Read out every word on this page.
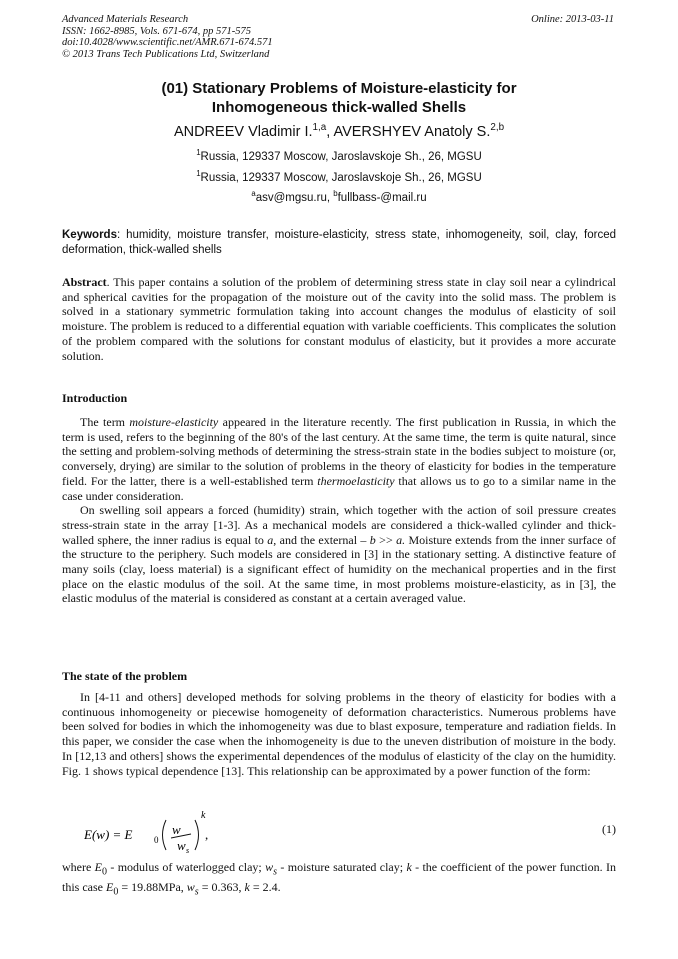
Advanced Materials Research
ISSN: 1662-8985, Vols. 671-674, pp 571-575
doi:10.4028/www.scientific.net/AMR.671-674.571
© 2013 Trans Tech Publications Ltd, Switzerland
Online: 2013-03-11
(01) Stationary Problems of Moisture-elasticity for
Inhomogeneous thick-walled Shells
ANDREEV Vladimir I.$^{1,a}$, AVERSHYEV Anatoly S.$^{2,b}$
$^1$Russia, 129337 Moscow, Jaroslavskoje Sh., 26, MGSU
$^1$Russia, 129337 Moscow, Jaroslavskoje Sh., 26, MGSU
$^a$asv@mgsu.ru, $^b$fullbass-@mail.ru
Keywords: humidity, moisture transfer, moisture-elasticity, stress state, inhomogeneity, soil, clay, forced deformation, thick-walled shells
Abstract. This paper contains a solution of the problem of determining stress state in clay soil near a cylindrical and spherical cavities for the propagation of the moisture out of the cavity into the solid mass. The problem is solved in a stationary symmetric formulation taking into account changes the modulus of elasticity of soil moisture. The problem is reduced to a differential equation with variable coefficients. This complicates the solution of the problem compared with the solutions for constant modulus of elasticity, but it provides a more accurate solution.
Introduction

The term moisture-elasticity appeared in the literature recently. The first publication in Russia, in which the term is used, refers to the beginning of the 80's of the last century. At the same time, the term is quite natural, since the setting and problem-solving methods of determining the stress-strain state in the bodies subject to moisture (or, conversely, drying) are similar to the solution of problems in the theory of elasticity for bodies in the temperature field. For the latter, there is a well-established term thermoelasticity that allows us to go to a similar name in the case under consideration.

On swelling soil appears a forced (humidity) strain, which together with the action of soil pressure creates stress-strain state in the array [1-3]. As a mechanical models are considered a thick-walled cylinder and thick-walled sphere, the inner radius is equal to a, and the external – b >> a. Moisture extends from the inner surface of the structure to the periphery. Such models are considered in [3] in the stationary setting. A distinctive feature of many soils (clay, loess material) is a significant effect of humidity on the mechanical properties and in the first place on the elastic modulus of the soil. At the same time, in most problems moisture-elasticity, as in [3], the elastic modulus of the material is considered as constant at a certain averaged value.

The state of the problem

In [4-11 and others] developed methods for solving problems in the theory of elasticity for bodies with a continuous inhomogeneity or piecewise homogeneity of deformation characteristics. Numerous problems have been solved for bodies in which the inhomogeneity was due to blast exposure, temperature and radiation fields. In this paper, we consider the case when the inhomogeneity is due to the uneven distribution of moisture in the body. In [12,13 and others] shows the experimental dependences of the modulus of elasticity of the clay on the humidity. Fig. 1 shows typical dependence [13]. This relationship can be approximated by a power function of the form:

E(w) = E 0
w
w s
k
,	(1)

where $E_0$ - modulus of waterlogged clay; $w_s$ - moisture saturated clay; k - the coefficient of the power function. In this case $E_0 = 19.88MPa$, $w_s = 0.363$, k = 2.4.
